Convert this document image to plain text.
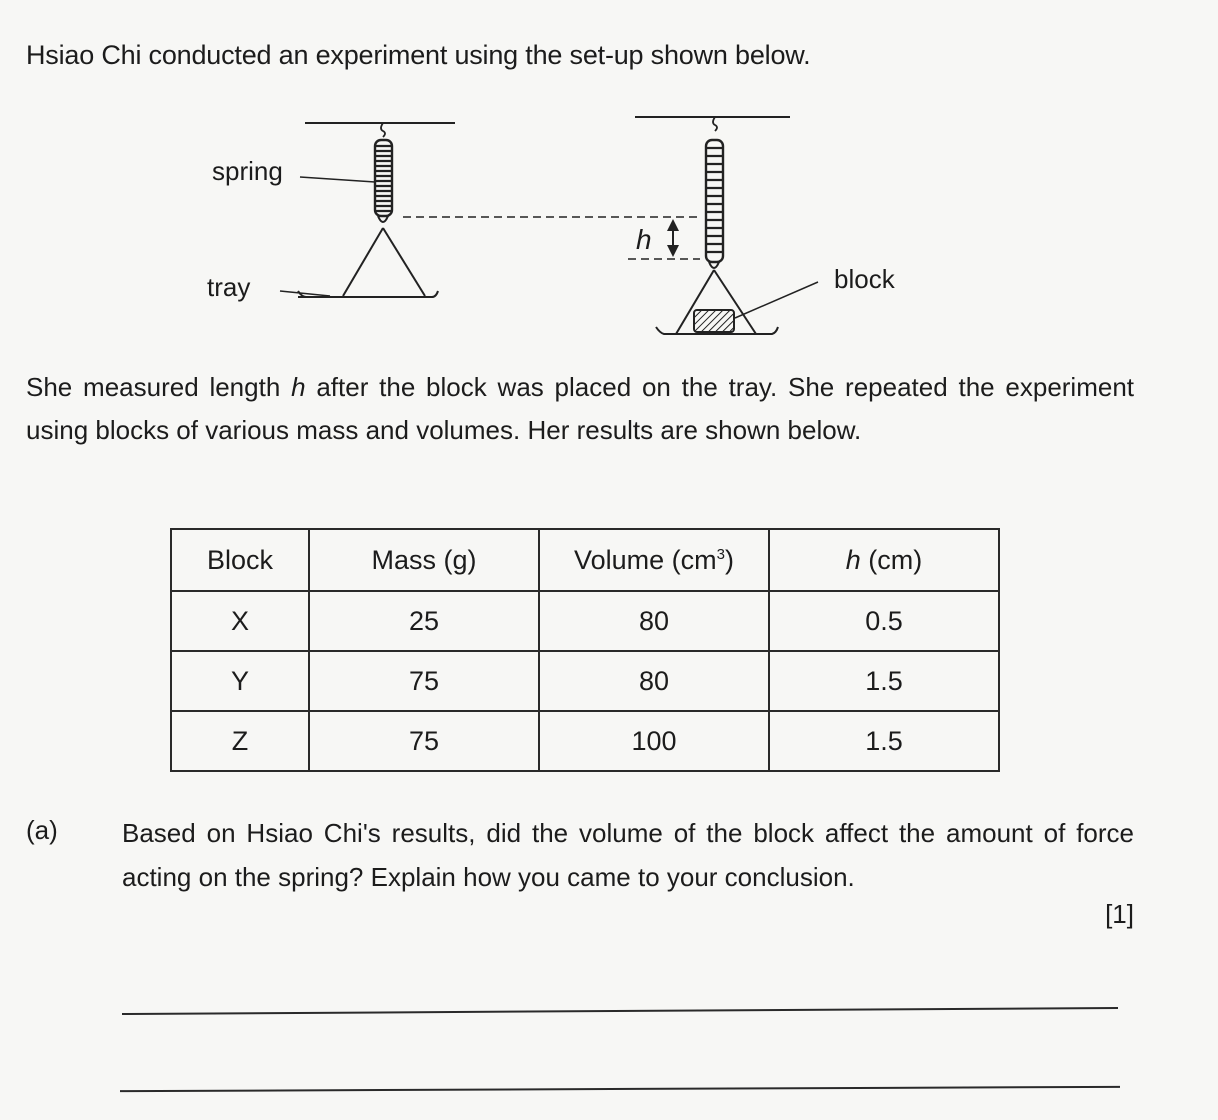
Hsiao Chi conducted an experiment using the set-up shown below.
spring
tray	block
h
She measured length h after the block was placed on the tray. She repeated the experiment using blocks of various mass and volumes. Her results are shown below.
Block	Mass (g)	Volume $(cm^3)$	h (cm)
X	25	80	0.5
Y	75	80	1.5
Z	75	100	1.5
(a) Based on Hsiao Chi's results, did the volume of the block affect the amount of force acting on the spring? Explain how you came to your conclusion.
[1]
